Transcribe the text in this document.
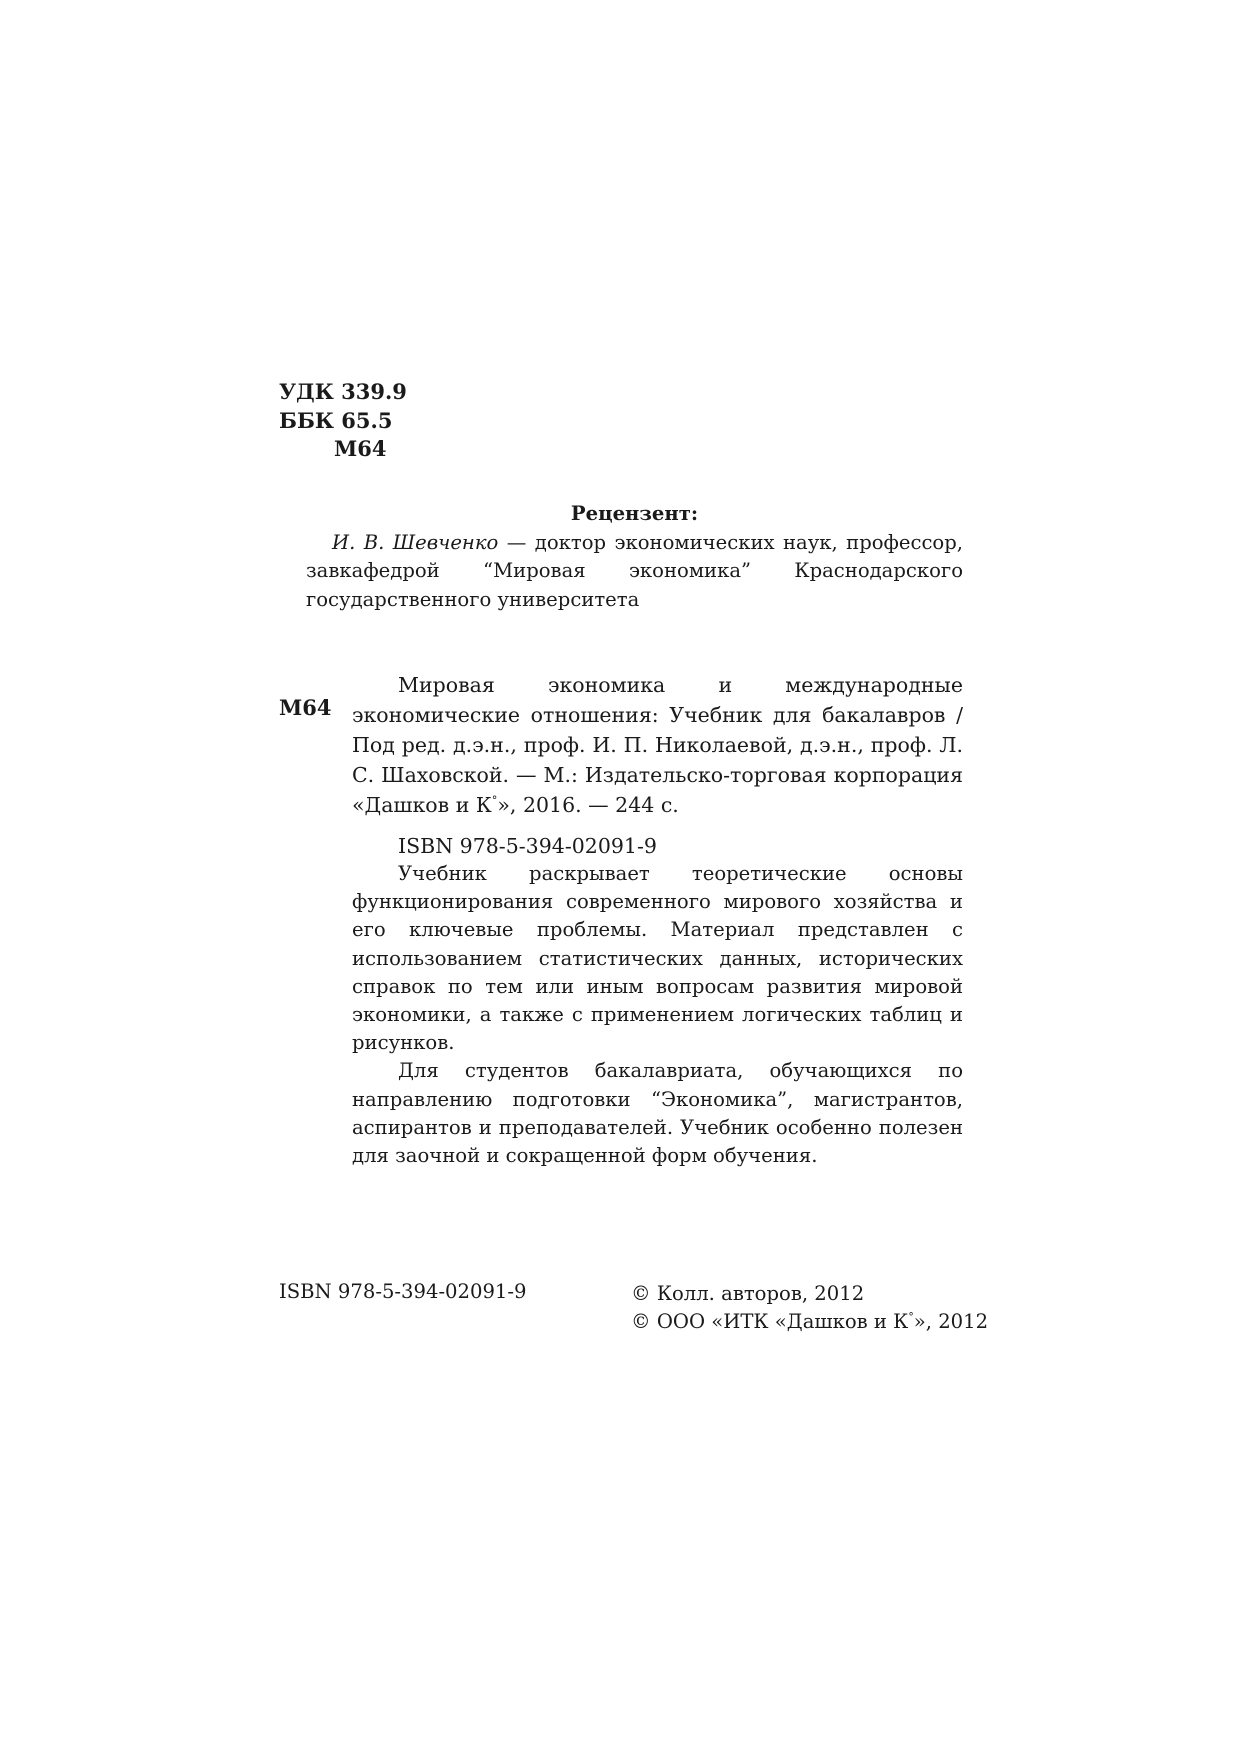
УДК 339.9
ББК 65.5
М64
Рецензент:
И. В. Шевченко — доктор экономических наук, профессор, завкафедрой “Мировая экономика” Краснодарского государственного университета
М64

Мировая экономика и международные экономические отношения: Учебник для бакалавров / Под ред. д.э.н., проф. И. П. Николаевой, д.э.н., проф. Л. С. Шаховской. — М.: Издательско-торговая корпорация «Дашков и К°», 2016. — 244 с.

ISBN 978-5-394-02091-9

Учебник раскрывает теоретические основы функционирования современного мирового хозяйства и его ключевые проблемы. Материал представлен с использованием статистических данных, исторических справок по тем или иным вопросам развития мировой экономики, а также с применением логических таблиц и рисунков.

Для студентов бакалавриата, обучающихся по направлению подготовки “Экономика”, магистрантов, аспирантов и преподавателей. Учебник особенно полезен для заочной и сокращенной форм обучения.

ISBN 978-5-394-02091-9	© Колл. авторов, 2012
© ООО «ИТК «Дашков и К°», 2012
